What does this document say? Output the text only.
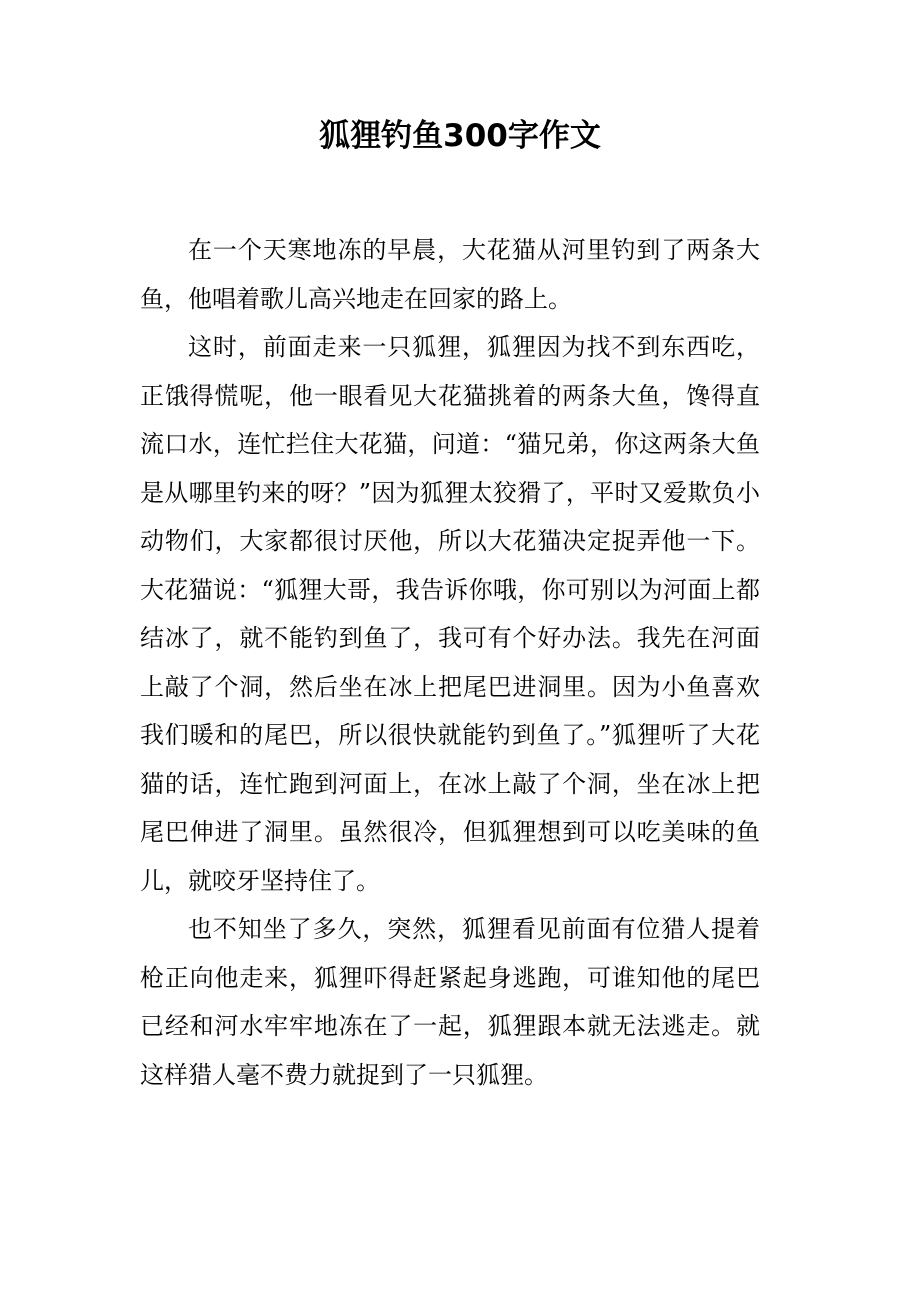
狐狸钓鱼300字作文

在一个天寒地冻的早晨，大花猫从河里钓到了两条大鱼，他唱着歌儿高兴地走在回家的路上。

这时，前面走来一只狐狸，狐狸因为找不到东西吃，正饿得慌呢，他一眼看见大花猫挑着的两条大鱼，馋得直流口水，连忙拦住大花猫，问道：“猫兄弟，你这两条大鱼是从哪里钓来的呀？”因为狐狸太狡猾了，平时又爱欺负小动物们，大家都很讨厌他，所以大花猫决定捉弄他一下。大花猫说：“狐狸大哥，我告诉你哦，你可别以为河面上都结冰了，就不能钓到鱼了，我可有个好办法。我先在河面上敲了个洞，然后坐在冰上把尾巴进洞里。因为小鱼喜欢我们暖和的尾巴，所以很快就能钓到鱼了。”狐狸听了大花猫的话，连忙跑到河面上，在冰上敲了个洞，坐在冰上把尾巴伸进了洞里。虽然很冷，但狐狸想到可以吃美味的鱼儿，就咬牙坚持住了。

也不知坐了多久，突然，狐狸看见前面有位猎人提着枪正向他走来，狐狸吓得赶紧起身逃跑，可谁知他的尾巴已经和河水牢牢地冻在了一起，狐狸跟本就无法逃走。就这样猎人毫不费力就捉到了一只狐狸。
